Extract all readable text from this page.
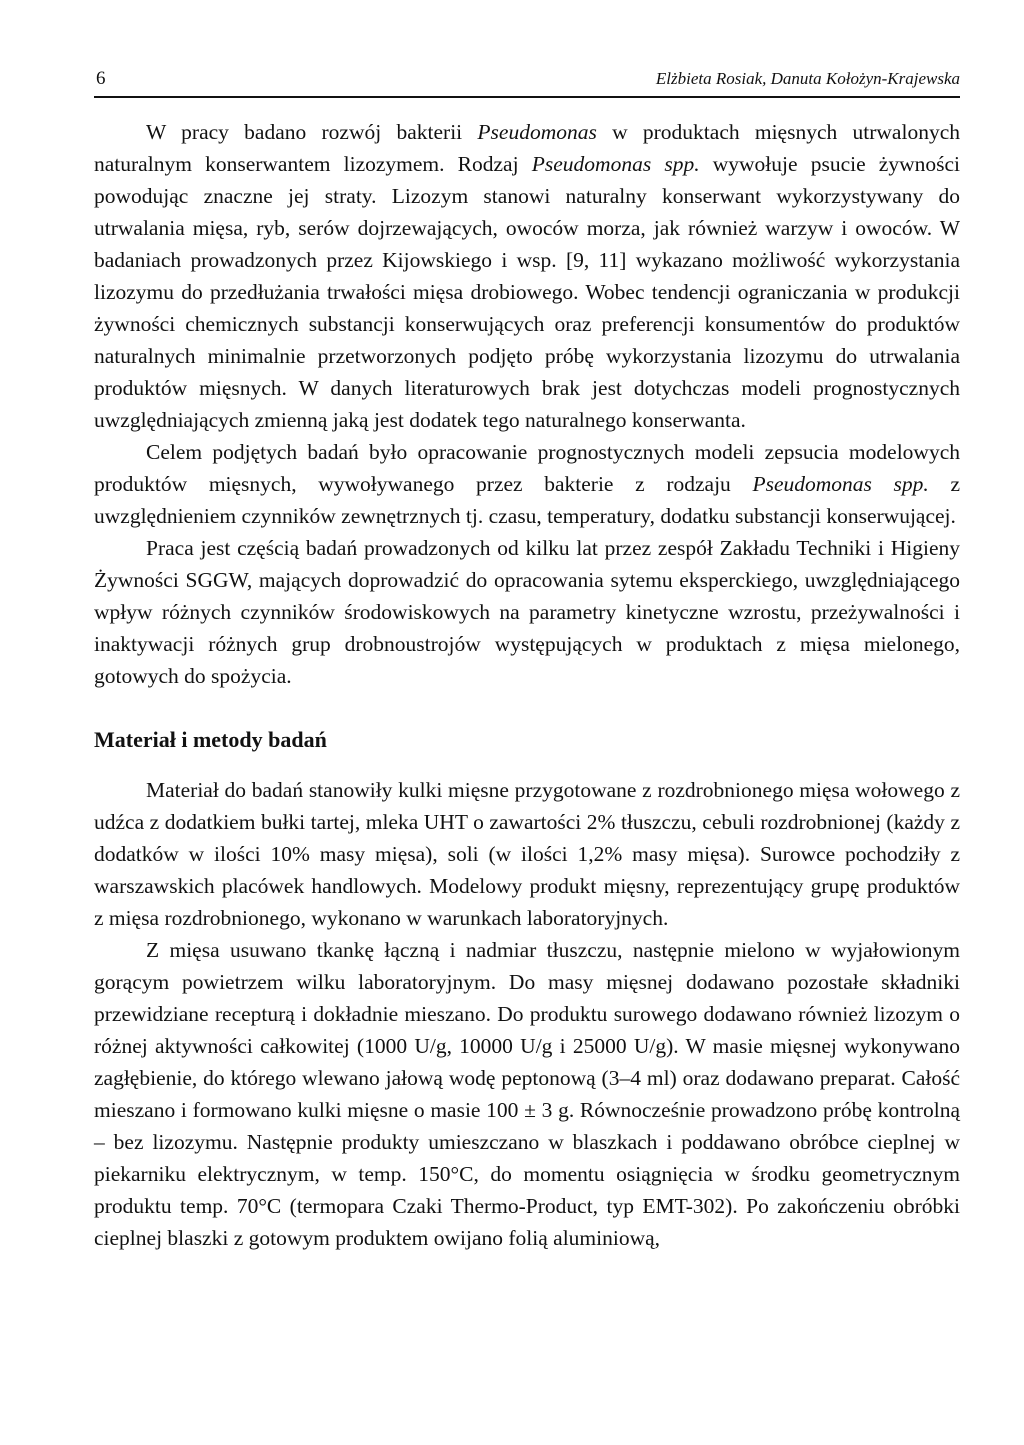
6	Elżbieta Rosiak, Danuta Kołożyn-Krajewska

W pracy badano rozwój bakterii Pseudomonas w produktach mięsnych utrwalonych naturalnym konserwantem lizozymem. Rodzaj Pseudomonas spp. wywołuje psucie żywności powodując znaczne jej straty. Lizozym stanowi naturalny konserwant wykorzystywany do utrwalania mięsa, ryb, serów dojrzewających, owoców morza, jak również warzyw i owoców. W badaniach prowadzonych przez Kijowskiego i wsp. [9, 11] wykazano możliwość wykorzystania lizozymu do przedłużania trwałości mięsa drobiowego. Wobec tendencji ograniczania w produkcji żywności chemicznych substancji konserwujących oraz preferencji konsumentów do produktów naturalnych minimalnie przetworzonych podjęto próbę wykorzystania lizozymu do utrwalania produktów mięsnych. W danych literaturowych brak jest dotychczas modeli prognostycznych uwzględniających zmienną jaką jest dodatek tego naturalnego konserwanta.

Celem podjętych badań było opracowanie prognostycznych modeli zepsucia modelowych produktów mięsnych, wywoływanego przez bakterie z rodzaju Pseudomonas spp. z uwzględnieniem czynników zewnętrznych tj. czasu, temperatury, dodatku substancji konserwującej.

Praca jest częścią badań prowadzonych od kilku lat przez zespół Zakładu Techniki i Higieny Żywności SGGW, mających doprowadzić do opracowania sytemu eksperckiego, uwzględniającego wpływ różnych czynników środowiskowych na parametry kinetyczne wzrostu, przeżywalności i inaktywacji różnych grup drobnoustrojów występujących w produktach z mięsa mielonego, gotowych do spożycia.

Materiał i metody badań

Materiał do badań stanowiły kulki mięsne przygotowane z rozdrobnionego mięsa wołowego z udźca z dodatkiem bułki tartej, mleka UHT o zawartości 2% tłuszczu, cebuli rozdrobnionej (każdy z dodatków w ilości 10% masy mięsa), soli (w ilości 1,2% masy mięsa). Surowce pochodziły z warszawskich placówek handlowych. Modelowy produkt mięsny, reprezentujący grupę produktów z mięsa rozdrobnionego, wykonano w warunkach laboratoryjnych.

Z mięsa usuwano tkankę łączną i nadmiar tłuszczu, następnie mielono w wyjałowionym gorącym powietrzem wilku laboratoryjnym. Do masy mięsnej dodawano pozostałe składniki przewidziane recepturą i dokładnie mieszano. Do produktu surowego dodawano również lizozym o różnej aktywności całkowitej (1000 U/g, 10000 U/g i 25000 U/g). W masie mięsnej wykonywano zagłębienie, do którego wlewano jałową wodę peptonową (3–4 ml) oraz dodawano preparat. Całość mieszano i formowano kulki mięsne o masie 100 ± 3 g. Równocześnie prowadzono próbę kontrolną – bez lizozymu. Następnie produkty umieszczano w blaszkach i poddawano obróbce cieplnej w piekarniku elektrycznym, w temp. 150°C, do momentu osiągnięcia w środku geometrycznym produktu temp. 70°C (termopara Czaki Thermo-Product, typ EMT-302). Po zakończeniu obróbki cieplnej blaszki z gotowym produktem owijano folią aluminiową,
